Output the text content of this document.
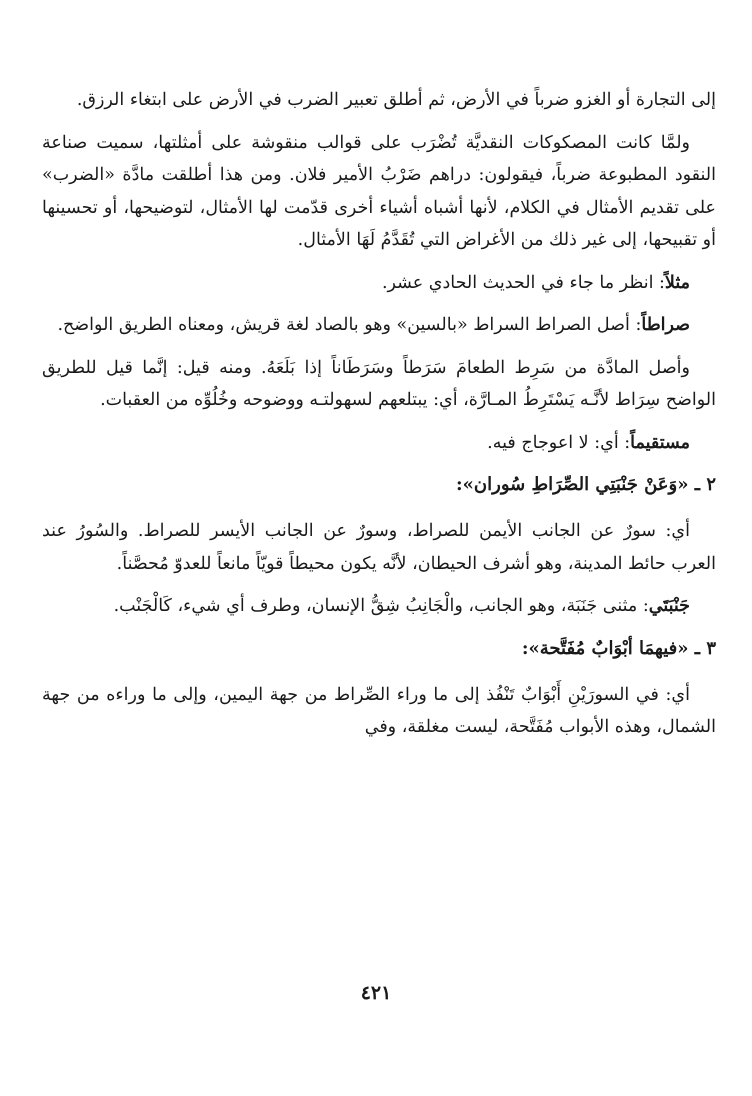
إلى التجارة أو الغزو ضرباً في الأرض، ثم أطلق تعبير الضرب في الأرض على ابتغاء الرزق.

ولمَّا كانت المصكوكات النقديَّة تُضْرَب على قوالب منقوشة على أمثلتها، سميت صناعة النقود المطبوعة ضرباً، فيقولون: دراهم ضَرْبُ الأمير فلان. ومن هذا أطلقت مادَّة «الضرب» على تقديم الأمثال في الكلام، لأنها أشباه أشياء أخرى قدّمت لها الأمثال، لتوضيحها، أو تحسينها أو تقبيحها، إلى غير ذلك من الأغراض التي تُقَدَّمُ لَهَا الأمثال.

مثلاً: انظر ما جاء في الحديث الحادي عشر.

صراطاً: أصل الصراط السراط «بالسين» وهو بالصاد لغة قريش، ومعناه الطريق الواضح.

وأصل المادَّة من سَرِط الطعامَ سَرَطاً وسَرَطَاناً إذا بَلَعَهُ. ومنه قيل: إنَّما قيل للطريق الواضح سِرَاط لأنَّـه يَسْتَرِطُ المـارَّة، أي: يبتلعهم لسهولتـه ووضوحه وخُلُوِّه من العقبات.

مستقيماً: أي: لا اعوجاج فيه.

٢ ـ «وَعَنْ جَنْبَتِي الصِّرَاطِ سُوران»:

أي: سورٌ عن الجانب الأيمن للصراط، وسورٌ عن الجانب الأيسر للصراط. والسُورُ عند العرب حائط المدينة، وهو أشرف الحيطان، لأنَّه يكون محيطاً قويّاً مانعاً للعدوّ مُحصَّناً.

جَنْبَتَي: مثنى جَنَبَة، وهو الجانب، والْجَانِبُ شِقُّ الإنسان، وطرف أي شيء، كَالْجَنْب.

٣ ـ «فيهمَا أبْوَابٌ مُفَتَّحة»:

أي: في السورَيْنِ أَبْوَابٌ تَنْفُذ إلى ما وراء الصِّراط من جهة اليمين، وإلى ما وراءه من جهة الشمال، وهذه الأبواب مُفَتَّحة، ليست مغلقة، وفي

٤٢١
